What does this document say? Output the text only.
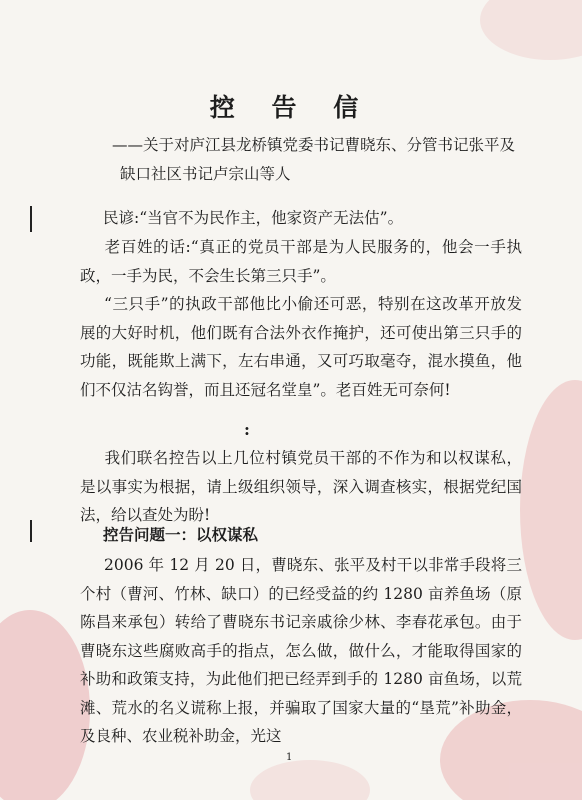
控 告 信
——关于对庐江县龙桥镇党委书记曹晓东、分管书记张平及
缺口社区书记卢宗山等人
民谚:“当官不为民作主，他家资产无法估”。
老百姓的话:“真正的党员干部是为人民服务的，他会一手执政，一手为民，不会生长第三只手”。
“三只手”的执政干部他比小偷还可恶，特别在这改革开放发展的大好时机，他们既有合法外衣作掩护，还可使出第三只手的功能，既能欺上满下，左右串通，又可巧取毫夺，混水摸鱼，他们不仅沽名钩誉，而且还冠名堂皇”。老百姓无可奈何!
:
我们联名控告以上几位村镇党员干部的不作为和以权谋私，是以事实为根据，请上级组织领导，深入调查核实，根据党纪国法，给以查处为盼!
控告问题一：以权谋私
2006 年 12 月 20 日，曹晓东、张平及村干以非常手段将三个村（曹河、竹林、缺口）的已经受益的约 1280 亩养鱼场（原陈昌来承包）转给了曹晓东书记亲戚徐少林、李春花承包。由于曹晓东这些腐败高手的指点，怎么做，做什么，才能取得国家的补助和政策支持，为此他们把已经弄到手的 1280 亩鱼场，以荒滩、荒水的名义谎称上报，并骗取了国家大量的“垦荒”补助金，及良种、农业税补助金，光这
1
